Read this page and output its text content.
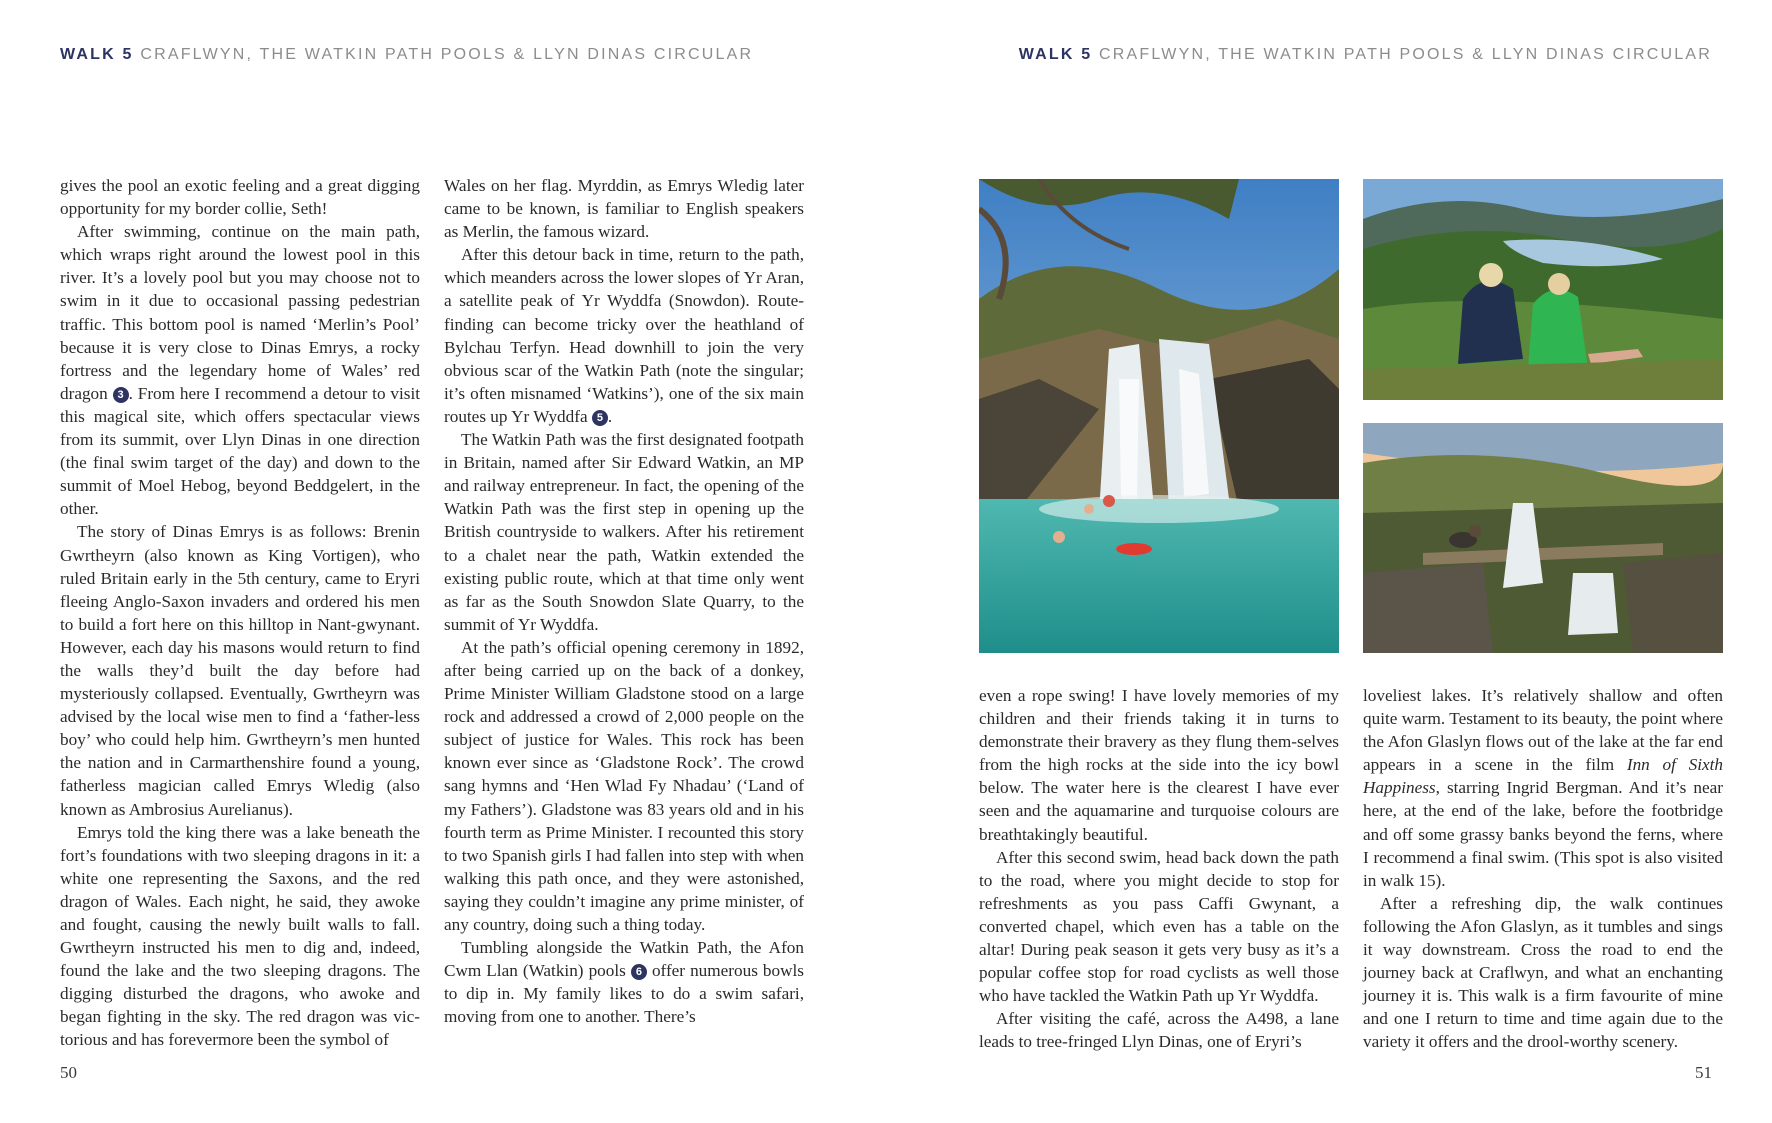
WALK 5 CRAFLWYN, THE WATKIN PATH POOLS & LLYN DINAS CIRCULAR

gives the pool an exotic feeling and a great digging opportunity for my border collie, Seth!

After swimming, continue on the main path, which wraps right around the lowest pool in this river. It’s a lovely pool but you may choose not to swim in it due to occasional passing pedestrian traffic. This bottom pool is named ‘Merlin’s Pool’ because it is very close to Dinas Emrys, a rocky fortress and the legendary home of Wales’ red dragon 3 . From here I recommend a detour to visit this magical site, which offers spectacular views from its summit, over Llyn Dinas in one direction (the final swim target of the day) and down to the summit of Moel Hebog, beyond Beddgelert, in the other.

The story of Dinas Emrys is as follows: Brenin Gwrtheyrn (also known as King Vortigen), who ruled Britain early in the 5th century, came to Eryri fleeing Anglo-Saxon invaders and ordered his men to build a fort here on this hilltop in Nant-gwynant. However, each day his masons would return to find the walls they’d built the day before had mysteriously collapsed. Eventually, Gwrtheyrn was advised by the local wise men to find a ‘father-less boy’ who could help him. Gwrtheyrn’s men hunted the nation and in Carmarthenshire found a young, fatherless magician called Emrys Wledig (also known as Ambrosius Aurelianus).

Emrys told the king there was a lake beneath the fort’s foundations with two sleeping dragons in it: a white one representing the Saxons, and the red dragon of Wales. Each night, he said, they awoke and fought, causing the newly built walls to fall. Gwrtheyrn instructed his men to dig and, indeed, found the lake and the two sleeping dragons. The digging disturbed the dragons, who awoke and began fighting in the sky. The red dragon was vic-torious and has forevermore been the symbol of

Wales on her flag. Myrddin, as Emrys Wledig later came to be known, is familiar to English speakers as Merlin, the famous wizard.

After this detour back in time, return to the path, which meanders across the lower slopes of Yr Aran, a satellite peak of Yr Wyddfa (Snowdon). Route-finding can become tricky over the heathland of Bylchau Terfyn. Head downhill to join the very obvious scar of the Watkin Path (note the singular; it’s often misnamed ‘Watkins’), one of the six main routes up Yr Wyddfa 5 .

The Watkin Path was the first designated footpath in Britain, named after Sir Edward Watkin, an MP and railway entrepreneur. In fact, the opening of the Watkin Path was the first step in opening up the British countryside to walkers. After his retirement to a chalet near the path, Watkin extended the existing public route, which at that time only went as far as the South Snowdon Slate Quarry, to the summit of Yr Wyddfa.

At the path’s official opening ceremony in 1892, after being carried up on the back of a donkey, Prime Minister William Gladstone stood on a large rock and addressed a crowd of 2,000 people on the subject of justice for Wales. This rock has been known ever since as ‘Gladstone Rock’. The crowd sang hymns and ‘Hen Wlad Fy Nhadau’ (‘Land of my Fathers’). Gladstone was 83 years old and in his fourth term as Prime Minister. I recounted this story to two Spanish girls I had fallen into step with when walking this path once, and they were astonished, saying they couldn’t imagine any prime minister, of any country, doing such a thing today.

Tumbling alongside the Watkin Path, the Afon Cwm Llan (Watkin) pools 6 offer numerous bowls to dip in. My family likes to do a swim safari, moving from one to another. There’s

50
WALK 5 CRAFLWYN, THE WATKIN PATH POOLS & LLYN DINAS CIRCULAR

even a rope swing! I have lovely memories of my children and their friends taking it in turns to demonstrate their bravery as they flung them-selves from the high rocks at the side into the icy bowl below. The water here is the clearest I have ever seen and the aquamarine and turquoise colours are breathtakingly beautiful.

After this second swim, head back down the path to the road, where you might decide to stop for refreshments as you pass Caffi Gwynant, a converted chapel, which even has a table on the altar! During peak season it gets very busy as it’s a popular coffee stop for road cyclists as well those who have tackled the Watkin Path up Yr Wyddfa.

After visiting the café, across the A498, a lane leads to tree-fringed Llyn Dinas, one of Eryri’s

loveliest lakes. It’s relatively shallow and often quite warm. Testament to its beauty, the point where the Afon Glaslyn flows out of the lake at the far end appears in a scene in the film Inn of Sixth Happiness, starring Ingrid Bergman. And it’s near here, at the end of the lake, before the footbridge and off some grassy banks beyond the ferns, where I recommend a final swim. (This spot is also visited in walk 15).

After a refreshing dip, the walk continues following the Afon Glaslyn, as it tumbles and sings it way downstream. Cross the road to end the journey back at Craflwyn, and what an enchanting journey it is. This walk is a firm favourite of mine and one I return to time and time again due to the variety it offers and the drool-worthy scenery.

51
